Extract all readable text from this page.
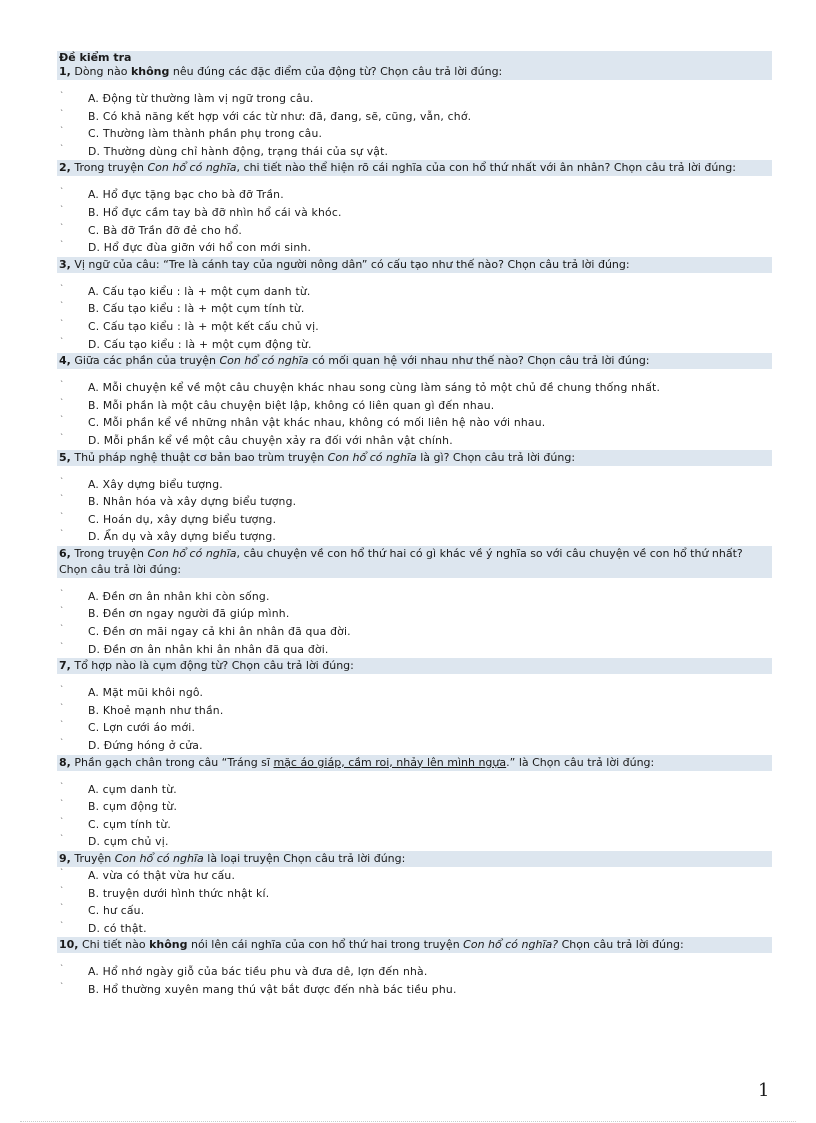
Đề kiểm tra
1, Dòng nào không nêu đúng các đặc điểm của động từ? Chọn câu trả lời đúng:
` A. Động từ thường làm vị ngữ trong câu.
` B. Có khả năng kết hợp với các từ như: đã, đang, sẽ, cũng, vẫn, chớ.
` C. Thường làm thành phần phụ trong câu.
` D. Thường dùng chỉ hành động, trạng thái của sự vật.
2, Trong truyện Con hổ có nghĩa, chi tiết nào thể hiện rõ cái nghĩa của con hổ thứ nhất với ân nhân? Chọn câu trả lời đúng:
` A. Hổ đực tặng bạc cho bà đỡ Trần.
` B. Hổ đực cầm tay bà đỡ nhìn hổ cái và khóc.
` C. Bà đỡ Trần đỡ đẻ cho hổ.
` D. Hổ đực đùa giỡn với hổ con mới sinh.
3, Vị ngữ của câu: “Tre là cánh tay của người nông dân” có cấu tạo như thế nào? Chọn câu trả lời đúng:
` A. Cấu tạo kiểu : là + một cụm danh từ.
` B. Cấu tạo kiểu : là + một cụm tính từ.
` C. Cấu tạo kiểu : là + một kết cấu chủ vị.
` D. Cấu tạo kiểu : là + một cụm động từ.
4, Giữa các phần của truyện Con hổ có nghĩa có mối quan hệ với nhau như thế nào? Chọn câu trả lời đúng:
` A. Mỗi chuyện kể về một câu chuyện khác nhau song cùng làm sáng tỏ một chủ đề chung thống nhất.
` B. Mỗi phần là một câu chuyện biệt lập, không có liên quan gì đến nhau.
` C. Mỗi phần kể về những nhân vật khác nhau, không có mối liên hệ nào với nhau.
` D. Mỗi phần kể về một câu chuyện xảy ra đối với nhân vật chính.
5, Thủ pháp nghệ thuật cơ bản bao trùm truyện Con hổ có nghĩa là gì? Chọn câu trả lời đúng:
` A. Xây dựng biểu tượng.
` B. Nhân hóa và xây dựng biểu tượng.
` C. Hoán dụ, xây dựng biểu tượng.
` D. Ẩn dụ và xây dựng biểu tượng.
6, Trong truyện Con hổ có nghĩa, câu chuyện về con hổ thứ hai có gì khác về ý nghĩa so với câu chuyện về con hổ thứ nhất? Chọn câu trả lời đúng:
` A. Đền ơn ân nhân khi còn sống.
` B. Đền ơn ngay người đã giúp mình.
` C. Đền ơn mãi ngay cả khi ân nhân đã qua đời.
` D. Đền ơn ân nhân khi ân nhân đã qua đời.
7, Tổ hợp nào là cụm động từ? Chọn câu trả lời đúng:
` A. Mặt mũi khôi ngô.
` B. Khoẻ mạnh như thần.
` C. Lợn cưới áo mới.
` D. Đứng hóng ở cửa.
8, Phần gạch chân trong câu “Tráng sĩ mặc áo giáp, cầm roi, nhảy lên mình ngựa.” là Chọn câu trả lời đúng:
` A. cụm danh từ.
` B. cụm động từ.
` C. cụm tính từ.
` D. cụm chủ vị.
9, Truyện Con hổ có nghĩa là loại truyện Chọn câu trả lời đúng:
` A. vừa có thật vừa hư cấu.
` B. truyện dưới hình thức nhật kí.
` C. hư cấu.
` D. có thật.
10, Chi tiết nào không nói lên cái nghĩa của con hổ thứ hai trong truyện Con hổ có nghĩa? Chọn câu trả lời đúng:
` A. Hổ nhớ ngày giỗ của bác tiều phu và đưa dê, lợn đến nhà.
` B. Hổ thường xuyên mang thú vật bắt được đến nhà bác tiều phu.
1
